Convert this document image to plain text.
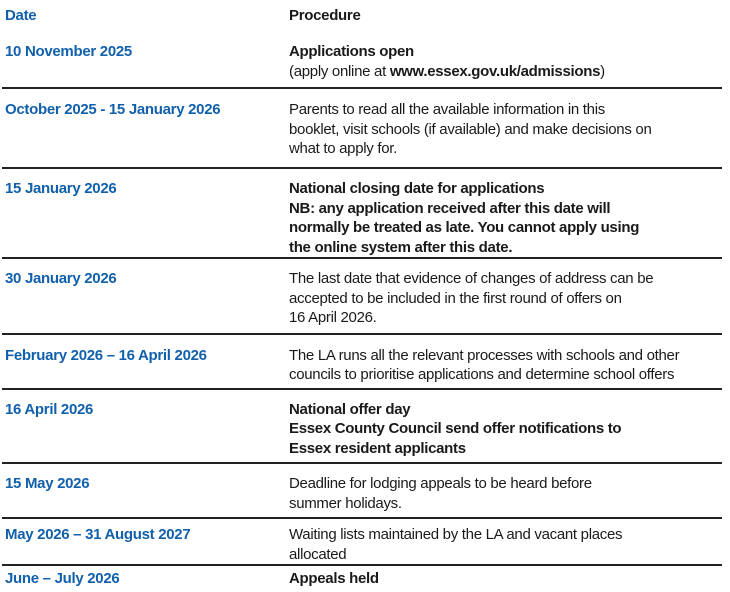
Date	Procedure
10 November 2025	Applications open
(apply online at www.essex.gov.uk/admissions)
October 2025 - 15 January 2026	Parents to read all the available information in this
booklet, visit schools (if available) and make decisions on
what to apply for.
15 January 2026	National closing date for applications
NB: any application received after this date will
normally be treated as late. You cannot apply using
the online system after this date.
30 January 2026	The last date that evidence of changes of address can be
accepted to be included in the first round of offers on
16 April 2026.
February 2026 – 16 April 2026	The LA runs all the relevant processes with schools and other
councils to prioritise applications and determine school offers
16 April 2026	National offer day
Essex County Council send offer notifications to
Essex resident applicants
15 May 2026	Deadline for lodging appeals to be heard before
summer holidays.
May 2026 – 31 August 2027	Waiting lists maintained by the LA and vacant places
allocated
June – July 2026	Appeals held
